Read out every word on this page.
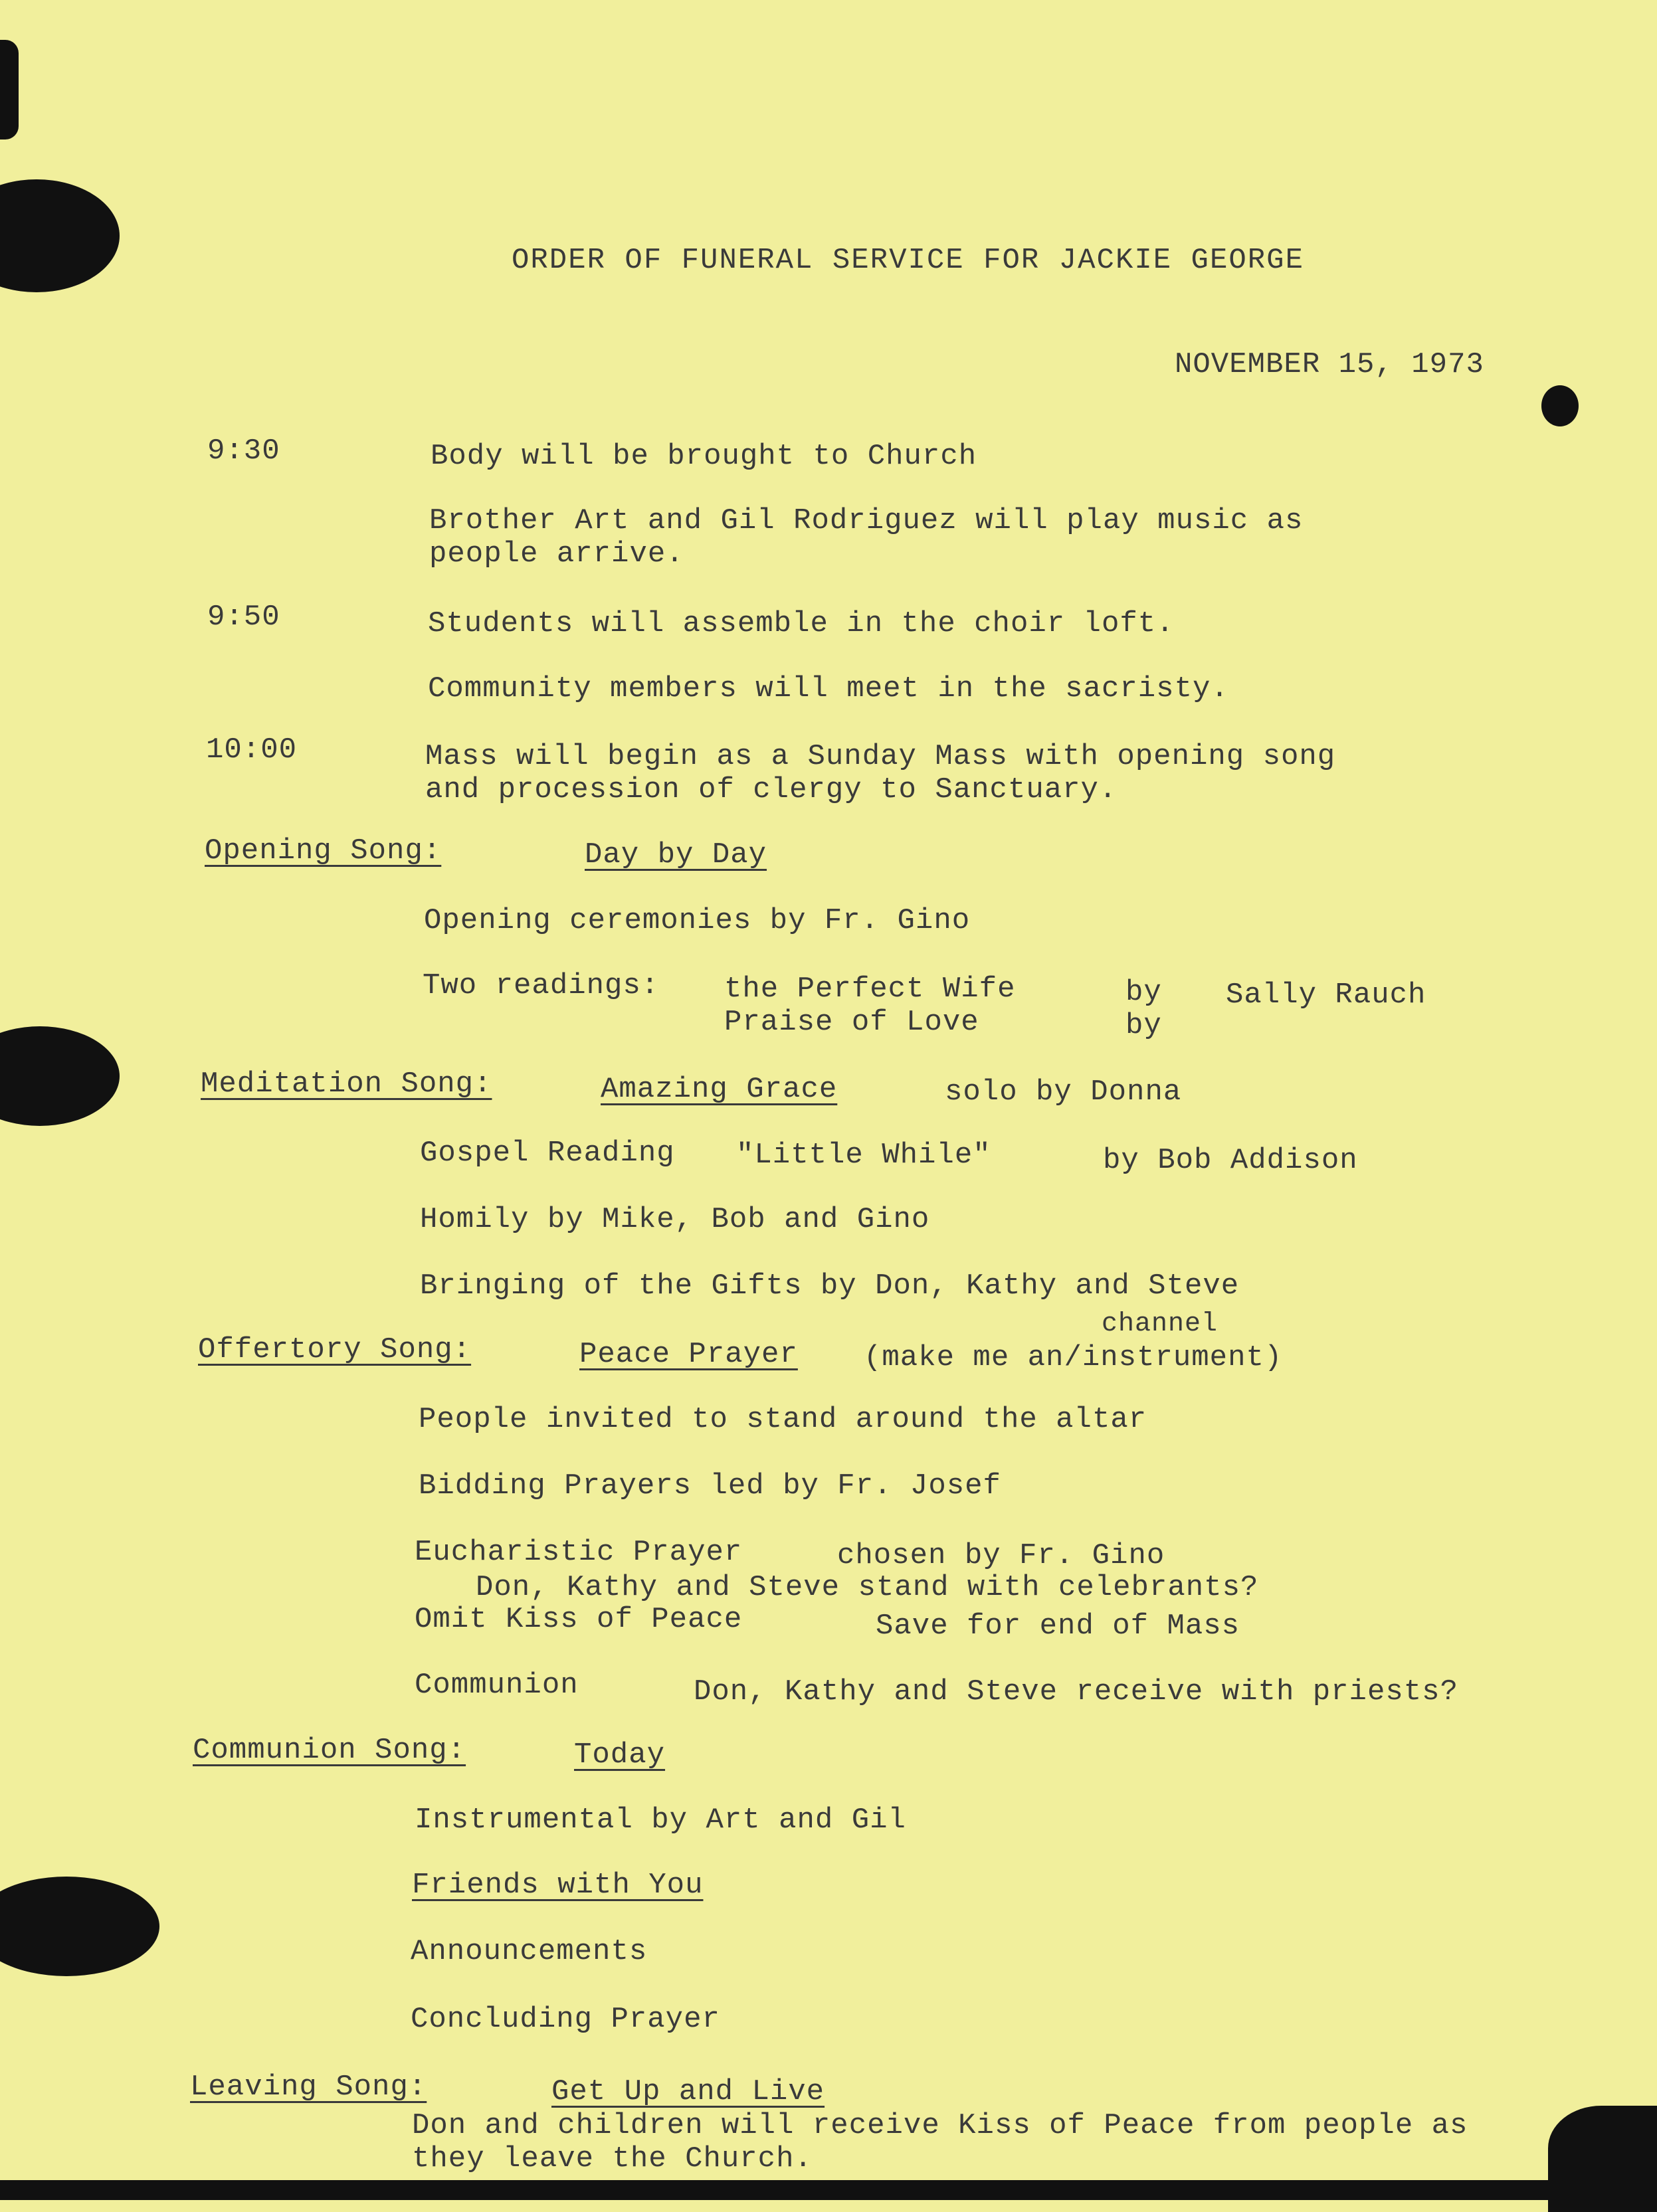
ORDER OF FUNERAL SERVICE FOR JACKIE GEORGE
NOVEMBER 15, 1973
9:30	Body will be brought to Church
Brother Art and Gil Rodriguez will play music as
people arrive.
9:50	Students will assemble in the choir loft.
Community members will meet in the sacristy.
10:00	Mass will begin as a Sunday Mass with opening song
and procession of clergy to Sanctuary.
Opening Song:	Day by Day
Opening ceremonies by Fr. Gino
Two readings: the Perfect Wife	by Sally Rauch
Praise of Love	by
Meditation Song:	Amazing Grace	solo by Donna
Gospel Reading "Little While"	by Bob Addison
Homily by Mike, Bob and Gino
Bringing of the Gifts by Don, Kathy and Steve
channel
Offertory Song:	Peace Prayer (make me an/instrument)
People invited to stand around the altar
Bidding Prayers led by Fr. Josef
Eucharistic Prayer	chosen by Fr. Gino
Don, Kathy and Steve stand with celebrants?
Omit Kiss of Peace	Save for end of Mass
Communion	Don, Kathy and Steve receive with priests?
Communion Song:	Today
Instrumental by Art and Gil
Friends with You
Announcements
Concluding Prayer
Leaving Song:	Get Up and Live
Don and children will receive Kiss of Peace from people as
they leave the Church.
